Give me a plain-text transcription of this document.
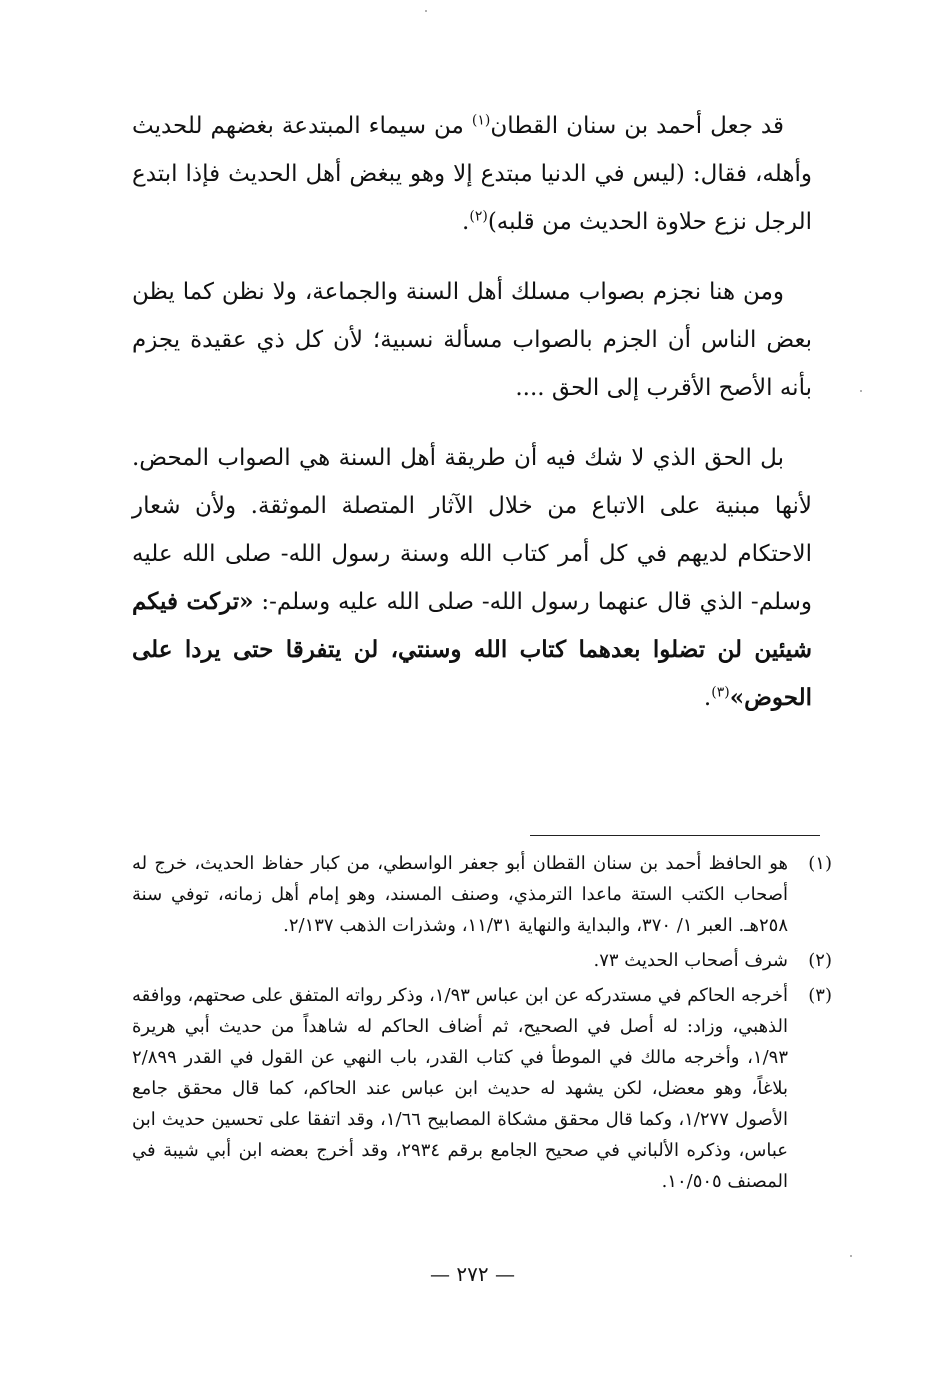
قد جعل أحمد بن سنان القطان$^{(١)}$ من سيماء المبتدعة بغضهم للحديث وأهله، فقال: (ليس في الدنيا مبتدع إلا وهو يبغض أهل الحديث فإذا ابتدع الرجل نزع حلاوة الحديث من قلبه)$^{(٢)}$.

ومن هنا نجزم بصواب مسلك أهل السنة والجماعة، ولا نظن كما يظن بعض الناس أن الجزم بالصواب مسألة نسبية؛ لأن كل ذي عقيدة يجزم بأنه الأصح الأقرب إلى الحق ....

بل الحق الذي لا شك فيه أن طريقة أهل السنة هي الصواب المحض. لأنها مبنية على الاتباع من خلال الآثار المتصلة الموثقة. ولأن شعار الاحتكام لديهم في كل أمر كتاب الله وسنة رسول الله- صلى الله عليه وسلم- الذي قال عنهما رسول الله- صلى الله عليه وسلم-: «تركت فيكم شيئين لن تضلوا بعدهما كتاب الله وسنتي، لن يتفرقا حتى يردا على الحوض»$^{(٣)}$.

(١)
هو الحافظ أحمد بن سنان القطان أبو جعفر الواسطي، من كبار حفاظ الحديث، خرج له أصحاب الكتب الستة ماعدا الترمذي، وصنف المسند، وهو إمام أهل زمانه، توفي سنة ٢٥٨هـ. العبر ١/ ٣٧٠، والبداية والنهاية ١١/٣١، وشذرات الذهب ٢/١٣٧.
(٢)
شرف أصحاب الحديث ٧٣.
(٣)
أخرجه الحاكم في مستدركه عن ابن عباس ١/٩٣، وذكر رواته المتفق على صحتهم، ووافقه الذهبي، وزاد: له أصل في الصحيح، ثم أضاف الحاكم له شاهداً من حديث أبي هريرة ١/٩٣، وأخرجه مالك في الموطأ في كتاب القدر، باب النهي عن القول في القدر ٢/٨٩٩ بلاغاً، وهو معضل، لكن يشهد له حديث ابن عباس عند الحاكم، كما قال محقق جامع الأصول ١/٢٧٧، وكما قال محقق مشكاة المصابيح ١/٦٦، وقد اتفقا على تحسين حديث ابن عباس، وذكره الألباني في صحيح الجامع برقم ٢٩٣٤، وقد أخرج بعضه ابن أبي شيبة في المصنف ١٠/٥٠٥.
— ٢٧٢ —
